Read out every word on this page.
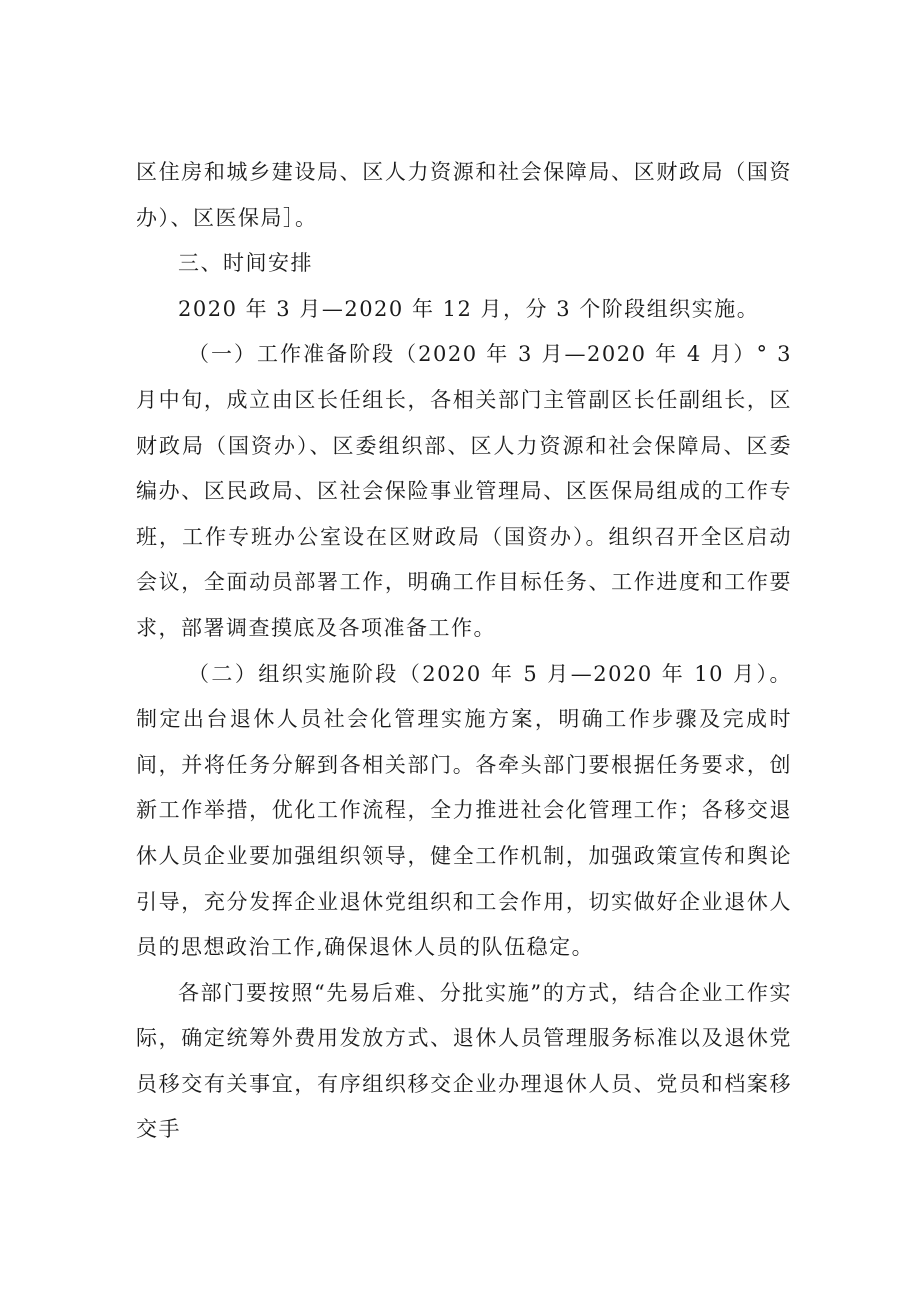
区住房和城乡建设局、区人力资源和社会保障局、区财政局（国资办）、区医保局］。

三、时间安排

2020 年 3 月—2020 年 12 月，分 3 个阶段组织实施。

（一）工作准备阶段（2020 年 3 月—2020 年 4 月）° 3 月中旬，成立由区长任组长，各相关部门主管副区长任副组长，区财政局（国资办）、区委组织部、区人力资源和社会保障局、区委编办、区民政局、区社会保险事业管理局、区医保局组成的工作专班，工作专班办公室设在区财政局（国资办）。组织召开全区启动会议，全面动员部署工作，明确工作目标任务、工作进度和工作要求，部署调查摸底及各项准备工作。

（二）组织实施阶段（2020 年 5 月—2020 年 10 月）。制定出台退休人员社会化管理实施方案，明确工作步骤及完成时间，并将任务分解到各相关部门。各牵头部门要根据任务要求，创新工作举措，优化工作流程，全力推进社会化管理工作；各移交退休人员企业要加强组织领导，健全工作机制，加强政策宣传和舆论引导，充分发挥企业退休党组织和工会作用，切实做好企业退休人员的思想政治工作,确保退休人员的队伍稳定。

各部门要按照“先易后难、分批实施”的方式，结合企业工作实际，确定统筹外费用发放方式、退休人员管理服务标准以及退休党员移交有关事宜，有序组织移交企业办理退休人员、党员和档案移交手
